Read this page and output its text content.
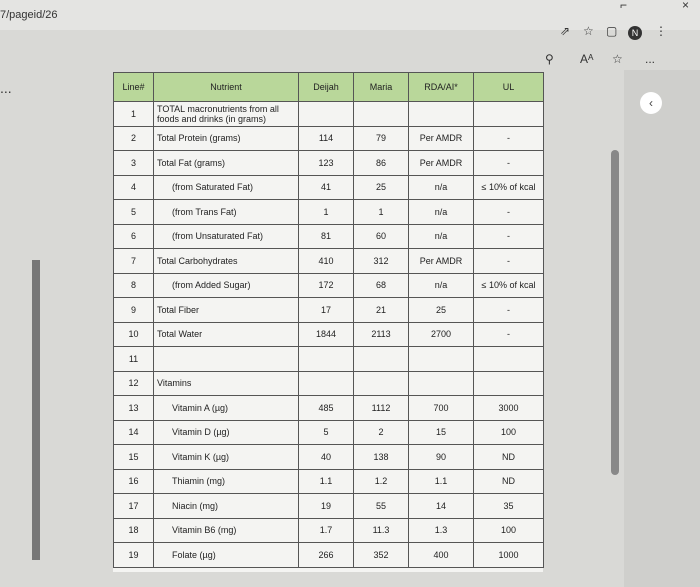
7/pageid/26
⌐	×
⇗ ☆ ▢	N	⋮
⚲ Aᴬ ☆ ...
...	Line#	Nutrient	Deijah	Maria	RDA/AI*	UL
1	TOTAL macronutrients from all foods and drinks (in grams)				
2	Total Protein (grams)	114	79	Per AMDR	-
3	Total Fat (grams)	123	86	Per AMDR	-
4	(from Saturated Fat)	41	25	n/a	≤ 10% of kcal
5	(from Trans Fat)	1	1	n/a	-
6	(from Unsaturated Fat)	81	60	n/a	-
7	Total Carbohydrates	410	312	Per AMDR	-
8	(from Added Sugar)	172	68	n/a	≤ 10% of kcal
9	Total Fiber	17	21	25	-
10	Total Water	1844	2113	2700	-
11					
12	Vitamins				
13	Vitamin A (µg)	485	1112	700	3000
14	Vitamin D (µg)	5	2	15	100
15	Vitamin K (µg)	40	138	90	ND
16	Thiamin (mg)	1.1	1.2	1.1	ND
17	Niacin (mg)	19	55	14	35
18	Vitamin B6 (mg)	1.7	11.3	1.3	100
19	Folate (µg)	266	352	400	1000
‹
